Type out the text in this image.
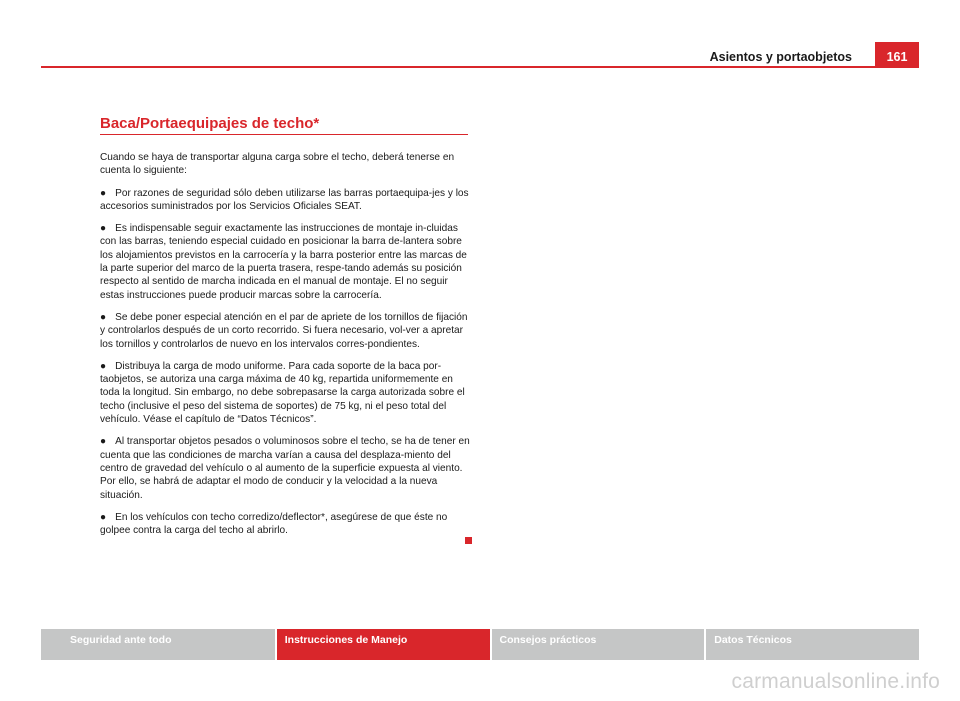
Asientos y portaobjetos	161
Baca/Portaequipajes de techo*

Cuando se haya de transportar alguna carga sobre el techo, deberá tenerse en cuenta lo siguiente:

● Por razones de seguridad sólo deben utilizarse las barras portaequipa-jes y los accesorios suministrados por los Servicios Oficiales SEAT.

● Es indispensable seguir exactamente las instrucciones de montaje in-cluidas con las barras, teniendo especial cuidado en posicionar la barra de-lantera sobre los alojamientos previstos en la carrocería y la barra posterior entre las marcas de la parte superior del marco de la puerta trasera, respe-tando además su posición respecto al sentido de marcha indicada en el manual de montaje. El no seguir estas instrucciones puede producir marcas sobre la carrocería.

● Se debe poner especial atención en el par de apriete de los tornillos de fijación y controlarlos después de un corto recorrido. Si fuera necesario, vol-ver a apretar los tornillos y controlarlos de nuevo en los intervalos corres-pondientes.

● Distribuya la carga de modo uniforme. Para cada soporte de la baca por-taobjetos, se autoriza una carga máxima de 40 kg, repartida uniformemente en toda la longitud. Sin embargo, no debe sobrepasarse la carga autorizada sobre el techo (inclusive el peso del sistema de soportes) de 75 kg, ni el peso total del vehículo. Véase el capítulo de “Datos Técnicos”.

● Al transportar objetos pesados o voluminosos sobre el techo, se ha de tener en cuenta que las condiciones de marcha varían a causa del desplaza-miento del centro de gravedad del vehículo o al aumento de la superficie expuesta al viento. Por ello, se habrá de adaptar el modo de conducir y la velocidad a la nueva situación.

● En los vehículos con techo corredizo/deflector*, asegúrese de que éste no golpee contra la carga del techo al abrirlo.

Seguridad ante todo	Instrucciones de Manejo	Consejos prácticos	Datos Técnicos
carmanualsonline.info
